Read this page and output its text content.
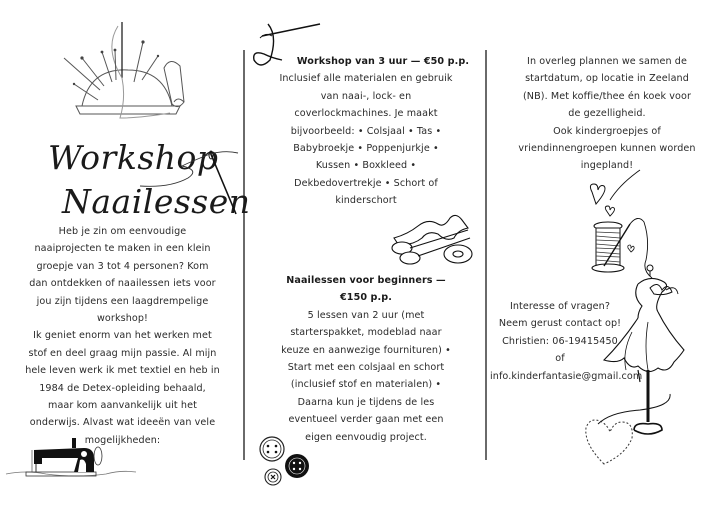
Workshop
Naailessen

Heb je zin om eenvoudige

naaiprojecten te maken in een klein

groepje van 3 tot 4 personen? Kom

dan ontdekken of naailessen iets voor

jou zijn tijdens een laagdrempelige

workshop!

Ik geniet enorm van het werken met

stof en deel graag mijn passie. Al mijn

hele leven werk ik met textiel en heb in

1984 de Detex-opleiding behaald,

maar kom aanvankelijk uit het

onderwijs. Alvast wat ideeën van vele

mogelijkheden:

Workshop van 3 uur — €50 p.p.

Inclusief alle materialen en gebruik

van naai-, lock- en

coverlockmachines. Je maakt

bijvoorbeeld: • Colsjaal • Tas •

Babybroekje • Poppenjurkje •

Kussen • Boxkleed •

Dekbedovertrekje • Schort of

kinderschort

Naailessen voor beginners —

€150 p.p.

5 lessen van 2 uur (met

starterspakket, modeblad naar

keuze en aanwezige fournituren) •

Start met een colsjaal en schort

(inclusief stof en materialen) •

Daarna kun je tijdens de les

eventueel verder gaan met een

eigen eenvoudig project.

In overleg plannen we samen de

startdatum, op locatie in Zeeland

(NB). Met koffie/thee én koek voor

de gezelligheid.

Ook kindergroepjes of

vriendinnengroepen kunnen worden

ingepland!

Interesse of vragen?

Neem gerust contact op!

Christien: 06-19415450

of

info.kinderfantasie@gmail.com
